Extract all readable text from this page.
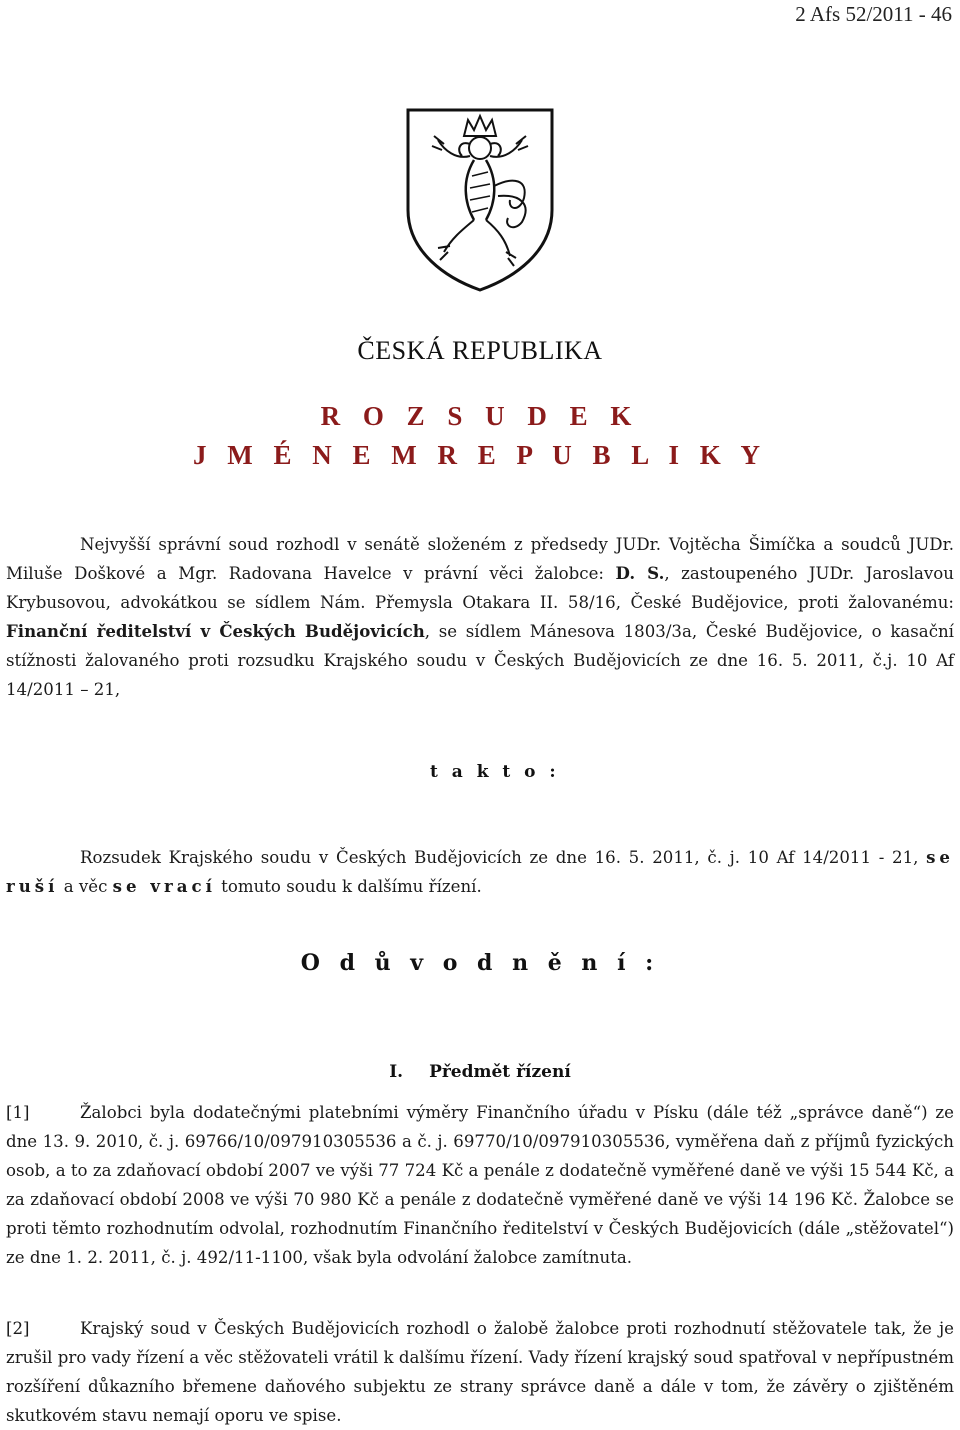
2 Afs 52/2011 - 46
ČESKÁ REPUBLIKA
R O Z S U D E K
J M É N E M R E P U B L I K Y
Nejvyšší správní soud rozhodl v senátě složeném z předsedy JUDr. Vojtěcha Šimíčka a soudců JUDr. Miluše Doškové a Mgr. Radovana Havelce v právní věci žalobce: D. S., zastoupeného JUDr. Jaroslavou Krybusovou, advokátkou se sídlem Nám. Přemysla Otakara II. 58/16, České Budějovice, proti žalovanému: Finanční ředitelství v Českých Budějovicích, se sídlem Mánesova 1803/3a, České Budějovice, o kasační stížnosti žalovaného proti rozsudku Krajského soudu v Českých Budějovicích ze dne 16. 5. 2011, č.j. 10 Af 14/2011 – 21,
t a k t o :
Rozsudek Krajského soudu v Českých Budějovicích ze dne 16. 5. 2011, č. j. 10 Af 14/2011 - 21, se ruší a věc se vrací tomuto soudu k dalšímu řízení.
O d ů v o d n ě n í :
I. Předmět řízení
[1]	Žalobci byla dodatečnými platebními výměry Finančního úřadu v Písku (dále též „správce daně“) ze dne 13. 9. 2010, č. j. 69766/10/097910305536 a č. j. 69770/10/097910305536, vyměřena daň z příjmů fyzických osob, a to za zdaňovací období 2007 ve výši 77 724 Kč a penále z dodatečně vyměřené daně ve výši 15 544 Kč, a za zdaňovací období 2008 ve výši 70 980 Kč a penále z dodatečně vyměřené daně ve výši 14 196 Kč. Žalobce se proti těmto rozhodnutím odvolal, rozhodnutím Finančního ředitelství v Českých Budějovicích (dále „stěžovatel“) ze dne 1. 2. 2011, č. j. 492/11-1100, však byla odvolání žalobce zamítnuta.
[2]	Krajský soud v Českých Budějovicích rozhodl o žalobě žalobce proti rozhodnutí stěžovatele tak, že je zrušil pro vady řízení a věc stěžovateli vrátil k dalšímu řízení. Vady řízení krajský soud spatřoval v nepřípustném rozšíření důkazního břemene daňového subjektu ze strany správce daně a dále v tom, že závěry o zjištěném skutkovém stavu nemají oporu ve spise.
